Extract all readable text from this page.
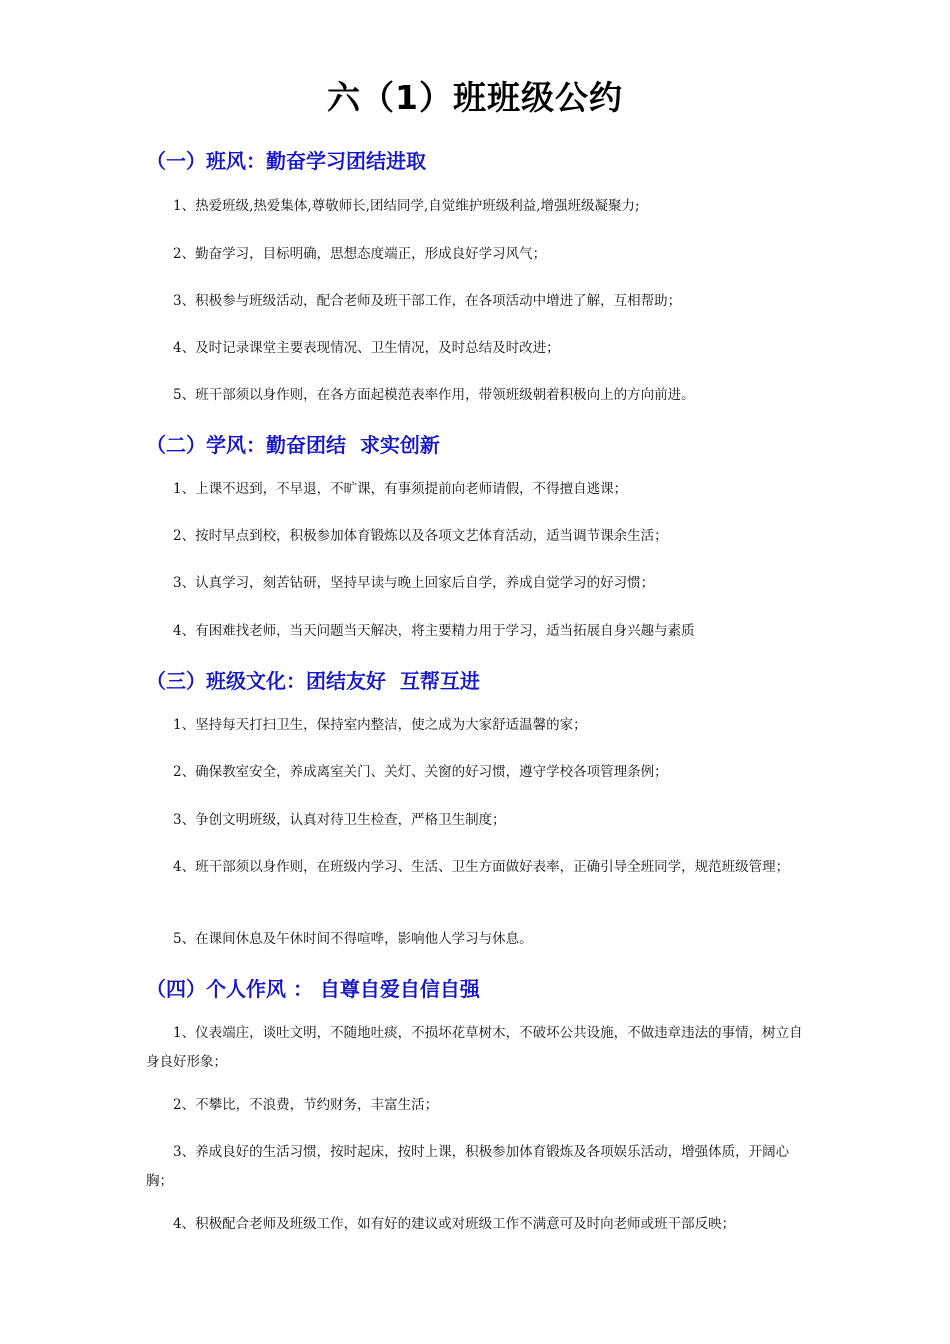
六（1）班班级公约
（一）班风：勤奋学习团结进取

1、热爱班级,热爱集体,尊敬师长,团结同学,自觉维护班级利益,增强班级凝聚力;

2、勤奋学习，目标明确，思想态度端正，形成良好学习风气；

3、积极参与班级活动，配合老师及班干部工作，在各项活动中增进了解，互相帮助；

4、及时记录课堂主要表现情况、卫生情况，及时总结及时改进；

5、班干部须以身作则，在各方面起模范表率作用，带领班级朝着积极向上的方向前进。

（二）学风：勤奋团结  求实创新

1、上课不迟到，不早退，不旷课，有事须提前向老师请假，不得擅自逃课；

2、按时早点到校，积极参加体育锻炼以及各项文艺体育活动，适当调节课余生活；

3、认真学习，刻苦钻研，坚持早读与晚上回家后自学，养成自觉学习的好习惯；

4、有困难找老师，当天问题当天解决，将主要精力用于学习，适当拓展自身兴趣与素质

（三）班级文化：团结友好  互帮互进

1、坚持每天打扫卫生，保持室内整洁，使之成为大家舒适温馨的家；

2、确保教室安全，养成离室关门、关灯、关窗的好习惯，遵守学校各项管理条例；

3、争创文明班级，认真对待卫生检查，严格卫生制度；

4、班干部须以身作则，在班级内学习、生活、卫生方面做好表率，正确引导全班同学，规范班级管理；

5、在课间休息及午休时间不得喧哗，影响他人学习与休息。

（四）个人作风 ： 自尊自爱自信自强

1、仪表端庄，谈吐文明，不随地吐痰，不损坏花草树木，不破坏公共设施，不做违章违法的事情，树立自身良好形象；

2、不攀比，不浪费，节约财务，丰富生活；

3、养成良好的生活习惯，按时起床，按时上课，积极参加体育锻炼及各项娱乐活动，增强体质，开阔心胸；

4、积极配合老师及班级工作，如有好的建议或对班级工作不满意可及时向老师或班干部反映；
